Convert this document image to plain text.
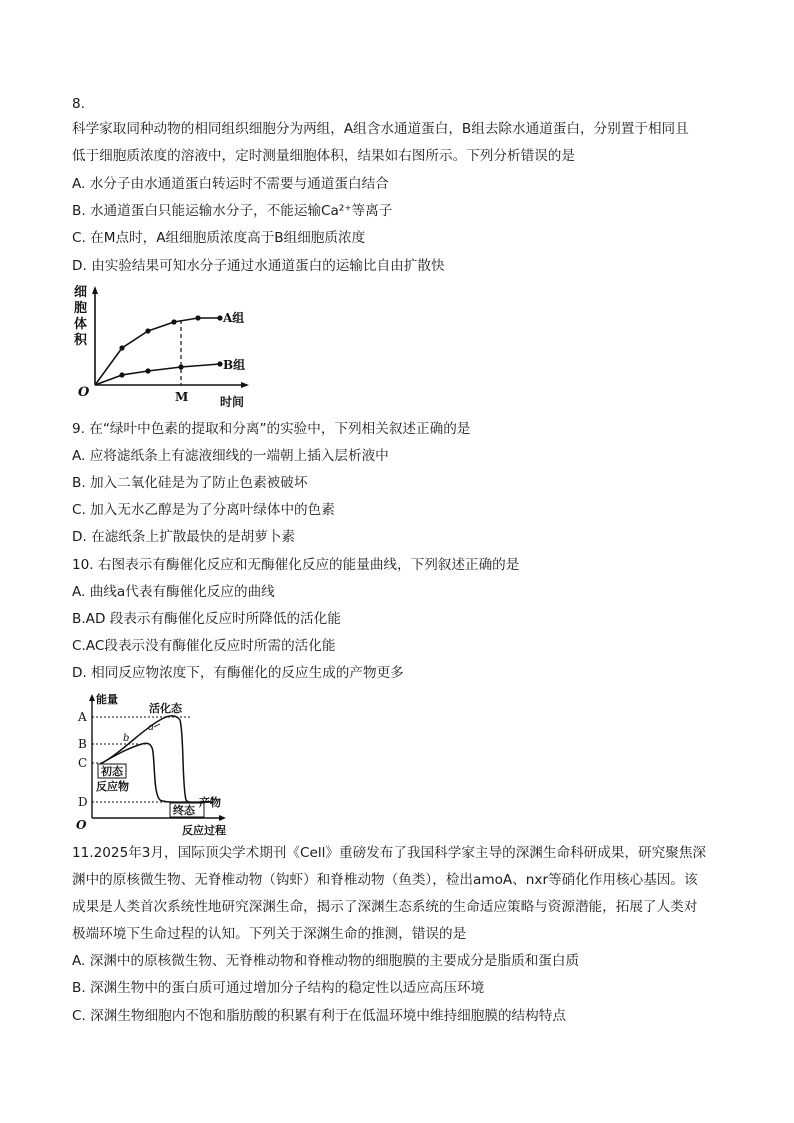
8.
科学家取同种动物的相同组织细胞分为两组，A组含水通道蛋白，B组去除水通道蛋白，分别置于相同且
低于细胞质浓度的溶液中，定时测量细胞体积，结果如右图所示。下列分析错误的是
A. 水分子由水通道蛋白转运时不需要与通道蛋白结合
B. 水通道蛋白只能运输水分子，不能运输Ca²⁺等离子
C. 在M点时，A组细胞质浓度高于B组细胞质浓度
D. 由实验结果可知水分子通过水通道蛋白的运输比自由扩散快
细
胞
体
积
O
A组
B组
M	时间
9. 在“绿叶中色素的提取和分离”的实验中，下列相关叙述正确的是
A. 应将滤纸条上有滤液细线的一端朝上插入层析液中
B. 加入二氧化硅是为了防止色素被破坏
C. 加入无水乙醇是为了分离叶绿体中的色素
D. 在滤纸条上扩散最快的是胡萝卜素
10. 右图表示有酶催化反应和无酶催化反应的能量曲线，下列叙述正确的是
A. 曲线a代表有酶催化反应的曲线
B.AD 段表示有酶催化反应时所降低的活化能
C.AC段表示没有酶催化反应时所需的活化能
D. 相同反应物浓度下，有酶催化的反应生成的产物更多
能量
O	反应过程
A
B
C
D
活化态
a
b
初态
反应物
终态
产物
11.2025年3月，国际顶尖学术期刊《Cell》重磅发布了我国科学家主导的深渊生命科研成果，研究聚焦深
渊中的原核微生物、无脊椎动物（钩虾）和脊椎动物（鱼类），检出amoA、nxr等硝化作用核心基因。该
成果是人类首次系统性地研究深渊生命，揭示了深渊生态系统的生命适应策略与资源潜能，拓展了人类对
极端环境下生命过程的认知。下列关于深渊生命的推测，错误的是
A. 深渊中的原核微生物、无脊椎动物和脊椎动物的细胞膜的主要成分是脂质和蛋白质
B. 深渊生物中的蛋白质可通过增加分子结构的稳定性以适应高压环境
C. 深渊生物细胞内不饱和脂肪酸的积累有利于在低温环境中维持细胞膜的结构特点
